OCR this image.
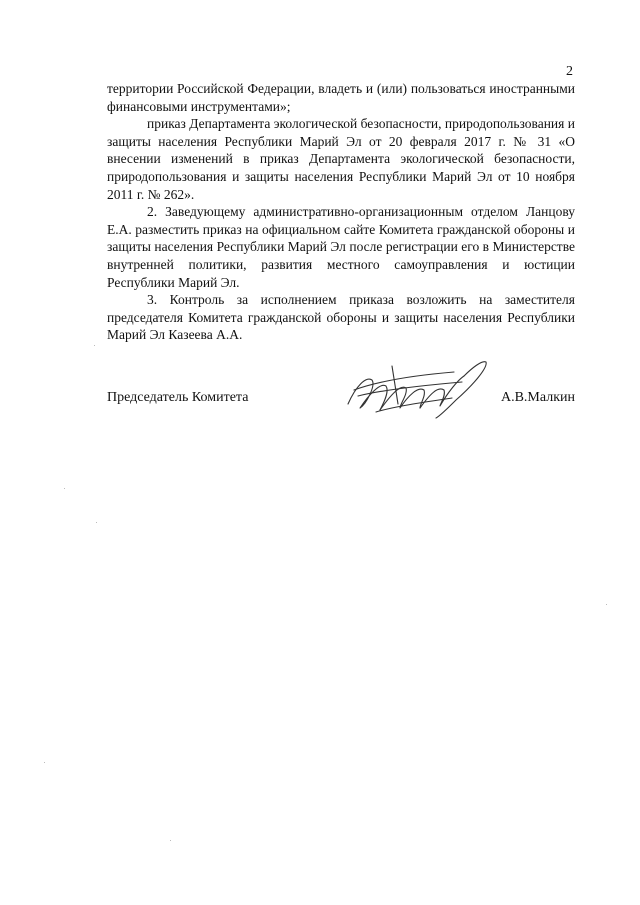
2

территории Российской Федерации, владеть и (или) пользоваться иностранными финансовыми инструментами»;

приказ Департамента экологической безопасности, природопользования и защиты населения Республики Марий Эл от 20 февраля 2017 г. № 31 «О внесении изменений в приказ Департамента экологической безопасности, природопользования и защиты населения Республики Марий Эл от 10 ноября 2011 г. № 262».

2. Заведующему административно-организационным отделом Ланцову Е.А. разместить приказ на официальном сайте Комитета гражданской обороны и защиты населения Республики Марий Эл после регистрации его в Министерстве внутренней политики, развития местного самоуправления и юстиции Республики Марий Эл.

3. Контроль за исполнением приказа возложить на заместителя председателя Комитета гражданской обороны и защиты населения Республики Марий Эл Казеева А.А.

Председатель Комитета	А.В.Малкин
